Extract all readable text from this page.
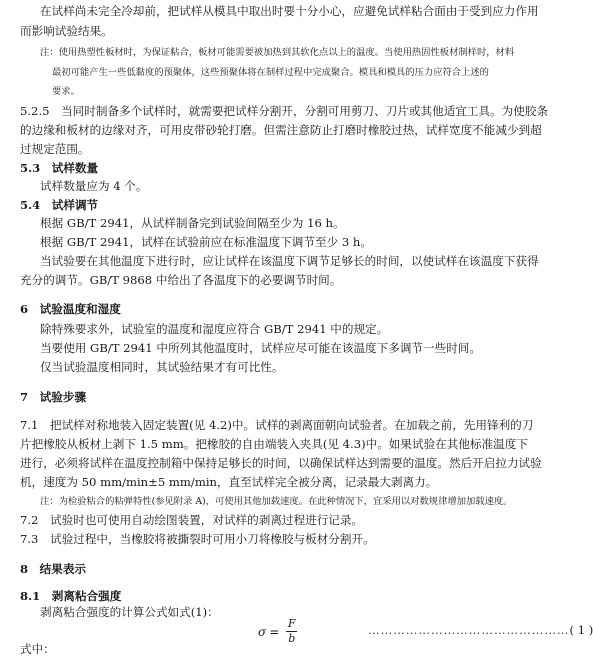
在试样尚未完全冷却前，把试样从模具中取出时要十分小心，应避免试样粘合面由于受到应力作用
而影响试验结果。
注：使用热塑性板材时，为保证粘合，板材可能需要被加热到其软化点以上的温度。当使用热固性板材制样时，材料
最初可能产生一些低黏度的预聚体，这些预聚体将在制样过程中完成聚合。模具和模具的压力应符合上述的
要求。
5.2.5　当同时制备多个试样时，就需要把试样分割开，分割可用剪刀、刀片或其他适宜工具。为使胶条
的边缘和板材的边缘对齐，可用皮带砂轮打磨。但需注意防止打磨时橡胶过热，试样宽度不能减少到超
过规定范围。
5.3　试样数量
试样数量应为 4 个。
5.4　试样调节
根据 GB/T 2941，从试样制备完到试验间隔至少为 16 h。
根据 GB/T 2941，试样在试验前应在标准温度下调节至少 3 h。
当试验要在其他温度下进行时，应让试样在该温度下调节足够长的时间，以使试样在该温度下获得
充分的调节。GB/T 9868 中给出了各温度下的必要调节时间。
6　试验温度和湿度
除特殊要求外，试验室的温度和湿度应符合 GB/T 2941 中的规定。
当要使用 GB/T 2941 中所列其他温度时，试样应尽可能在该温度下多调节一些时间。
仅当试验温度相同时，其试验结果才有可比性。
7　试验步骤
7.1　把试样对称地装入固定装置(见 4.2)中。试样的剥离面朝向试验者。在加载之前，先用锋利的刀
片把橡胶从板材上剥下 1.5 mm。把橡胶的自由端装入夹具(见 4.3)中。如果试验在其他标准温度下
进行，必须将试样在温度控制箱中保持足够长的时间，以确保试样达到需要的温度。然后开启拉力试验
机，速度为 50 mm/min±5 mm/min，直至试样完全被分离，记录最大剥离力。
注：为检验粘合的粘弹特性(参见附录 A)，可使用其他加载速度。在此种情况下，宜采用以对数规律增加加载速度。
7.2　试验时也可使用自动绘图装置，对试样的剥离过程进行记录。
7.3　试验过程中，当橡胶将被撕裂时可用小刀将橡胶与板材分割开。
8　结果表示
8.1　剥离粘合强度
剥离粘合强度的计算公式如式(1)：
$\sigma = \frac{F}{b}$	…………………………………………( 1 )
式中：
